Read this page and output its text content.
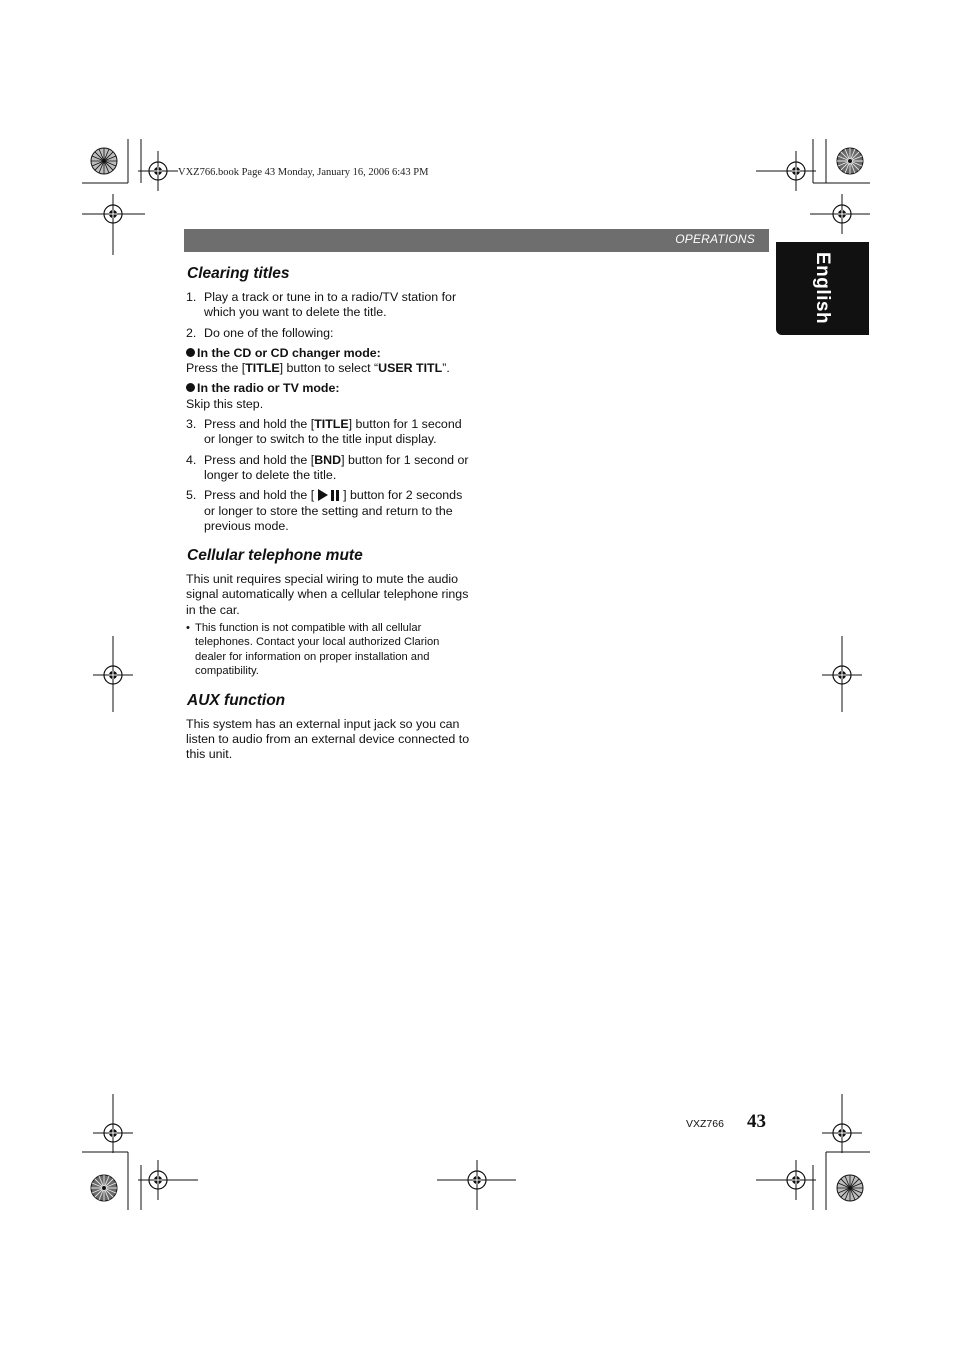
VXZ766.book Page 43 Monday, January 16, 2006 6:43 PM
OPERATIONS
English
Clearing titles
1. Play a track or tune in to a radio/TV station for which you want to delete the title.
2. Do one of the following:
In the CD or CD changer mode:
Press the [TITLE] button to select “USER TITL”.
In the radio or TV mode:
Skip this step.
3. Press and hold the [TITLE] button for 1 second or longer to switch to the title input display.
4. Press and hold the [BND] button for 1 second or longer to delete the title.
5. Press and hold the [  ] button for 2 seconds or longer to store the setting and return to the previous mode.
Cellular telephone mute
This unit requires special wiring to mute the audio signal automatically when a cellular telephone rings in the car.
• This function is not compatible with all cellular telephones. Contact your local authorized Clarion dealer for information on proper installation and compatibility.
AUX function
This system has an external input jack so you can listen to audio from an external device connected to this unit.
VXZ766 43
